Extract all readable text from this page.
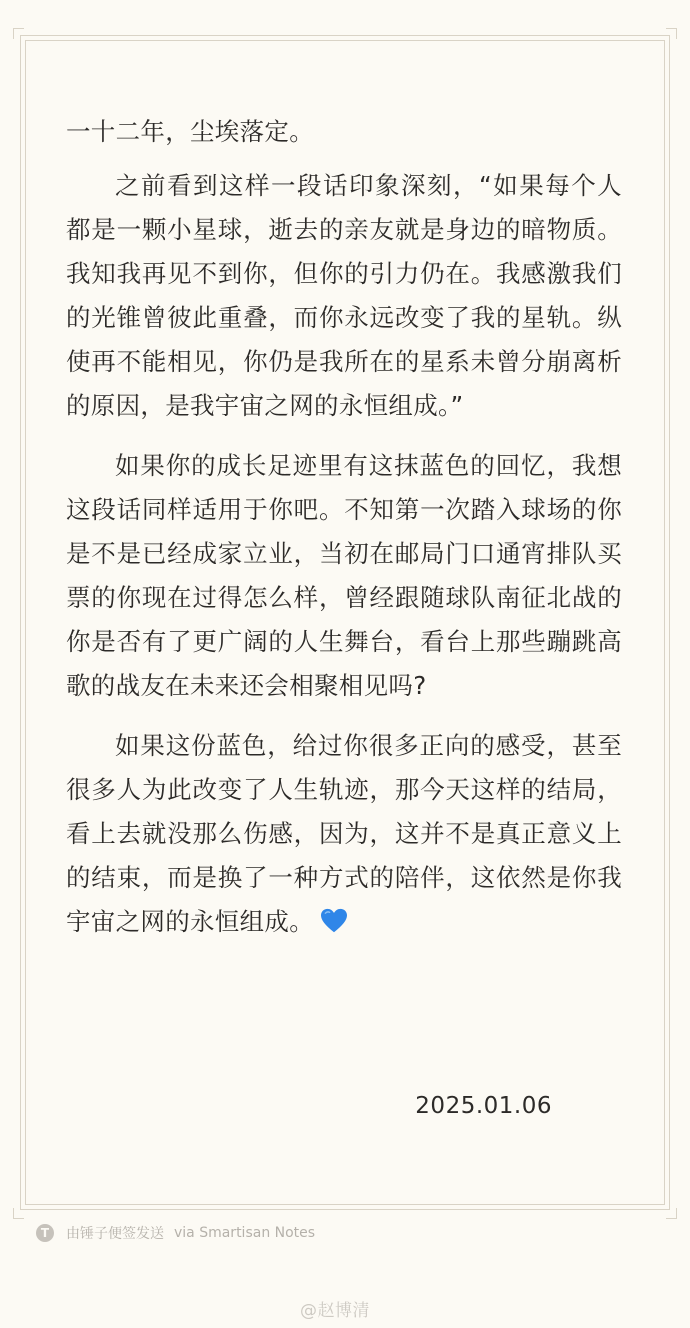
一十二年，尘埃落定。

之前看到这样一段话印象深刻，“如果每个人都是一颗小星球，逝去的亲友就是身边的暗物质。我知我再见不到你，但你的引力仍在。我感激我们的光锥曾彼此重叠，而你永远改变了我的星轨。纵使再不能相见，你仍是我所在的星系未曾分崩离析的原因，是我宇宙之网的永恒组成。”

如果你的成长足迹里有这抹蓝色的回忆，我想这段话同样适用于你吧。不知第一次踏入球场的你是不是已经成家立业，当初在邮局门口通宵排队买票的你现在过得怎么样，曾经跟随球队南征北战的你是否有了更广阔的人生舞台，看台上那些蹦跳高歌的战友在未来还会相聚相见吗?

如果这份蓝色，给过你很多正向的感受，甚至很多人为此改变了人生轨迹，那今天这样的结局，看上去就没那么伤感，因为，这并不是真正意义上的结束，而是换了一种方式的陪伴，这依然是你我宇宙之网的永恒组成。

2025.01.06
T	由锤子便签发送 via Smartisan Notes
@赵博清
